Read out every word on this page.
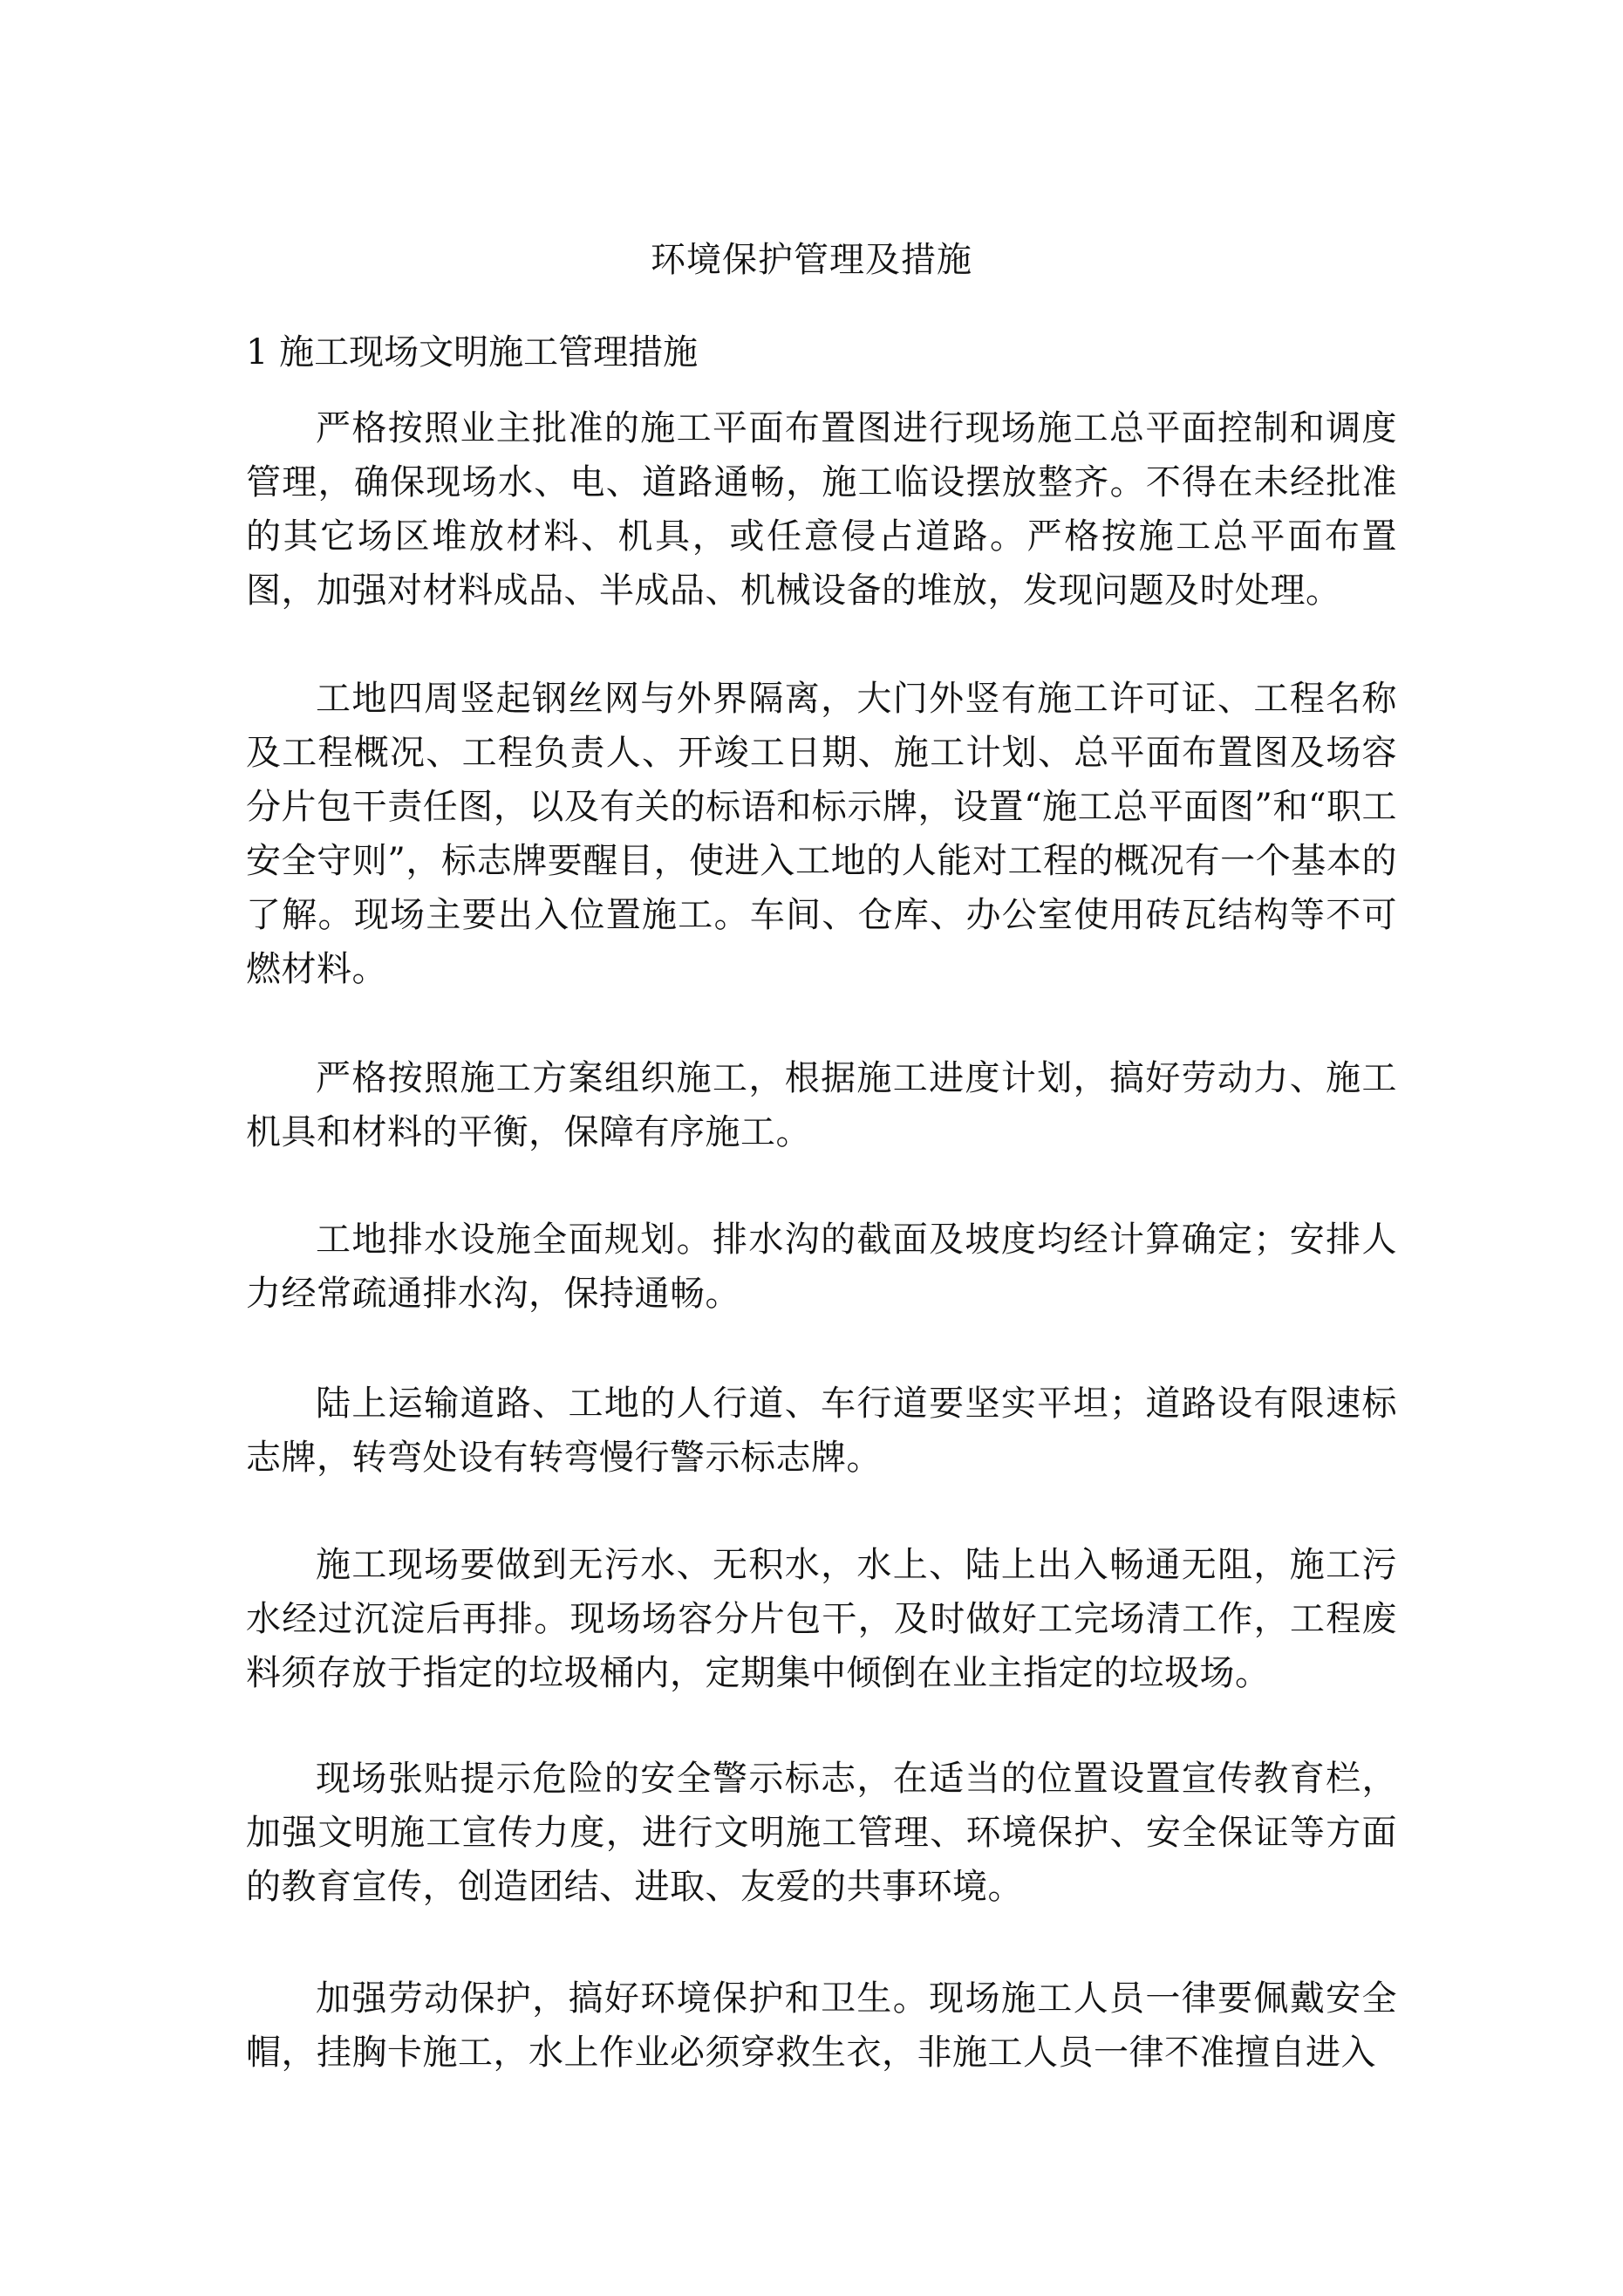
环境保护管理及措施
1 施工现场文明施工管理措施

严格按照业主批准的施工平面布置图进行现场施工总平面控制和调度管理，确保现场水、电、道路通畅，施工临设摆放整齐。不得在未经批准的其它场区堆放材料、机具，或任意侵占道路。严格按施工总平面布置图，加强对材料成品、半成品、机械设备的堆放，发现问题及时处理。

工地四周竖起钢丝网与外界隔离，大门外竖有施工许可证、工程名称及工程概况、工程负责人、开竣工日期、施工计划、总平面布置图及场容分片包干责任图，以及有关的标语和标示牌，设置“施工总平面图”和“职工安全守则”，标志牌要醒目，使进入工地的人能对工程的概况有一个基本的了解。现场主要出入位置施工。车间、仓库、办公室使用砖瓦结构等不可燃材料。

严格按照施工方案组织施工，根据施工进度计划，搞好劳动力、施工机具和材料的平衡，保障有序施工。

工地排水设施全面规划。排水沟的截面及坡度均经计算确定；安排人力经常疏通排水沟，保持通畅。

陆上运输道路、工地的人行道、车行道要坚实平坦；道路设有限速标志牌，转弯处设有转弯慢行警示标志牌。

施工现场要做到无污水、无积水，水上、陆上出入畅通无阻，施工污水经过沉淀后再排。现场场容分片包干，及时做好工完场清工作，工程废料须存放于指定的垃圾桶内，定期集中倾倒在业主指定的垃圾场。

现场张贴提示危险的安全警示标志，在适当的位置设置宣传教育栏，加强文明施工宣传力度，进行文明施工管理、环境保护、安全保证等方面的教育宣传，创造团结、进取、友爱的共事环境。

加强劳动保护，搞好环境保护和卫生。现场施工人员一律要佩戴安全帽，挂胸卡施工，水上作业必须穿救生衣，非施工人员一律不准擅自进入
